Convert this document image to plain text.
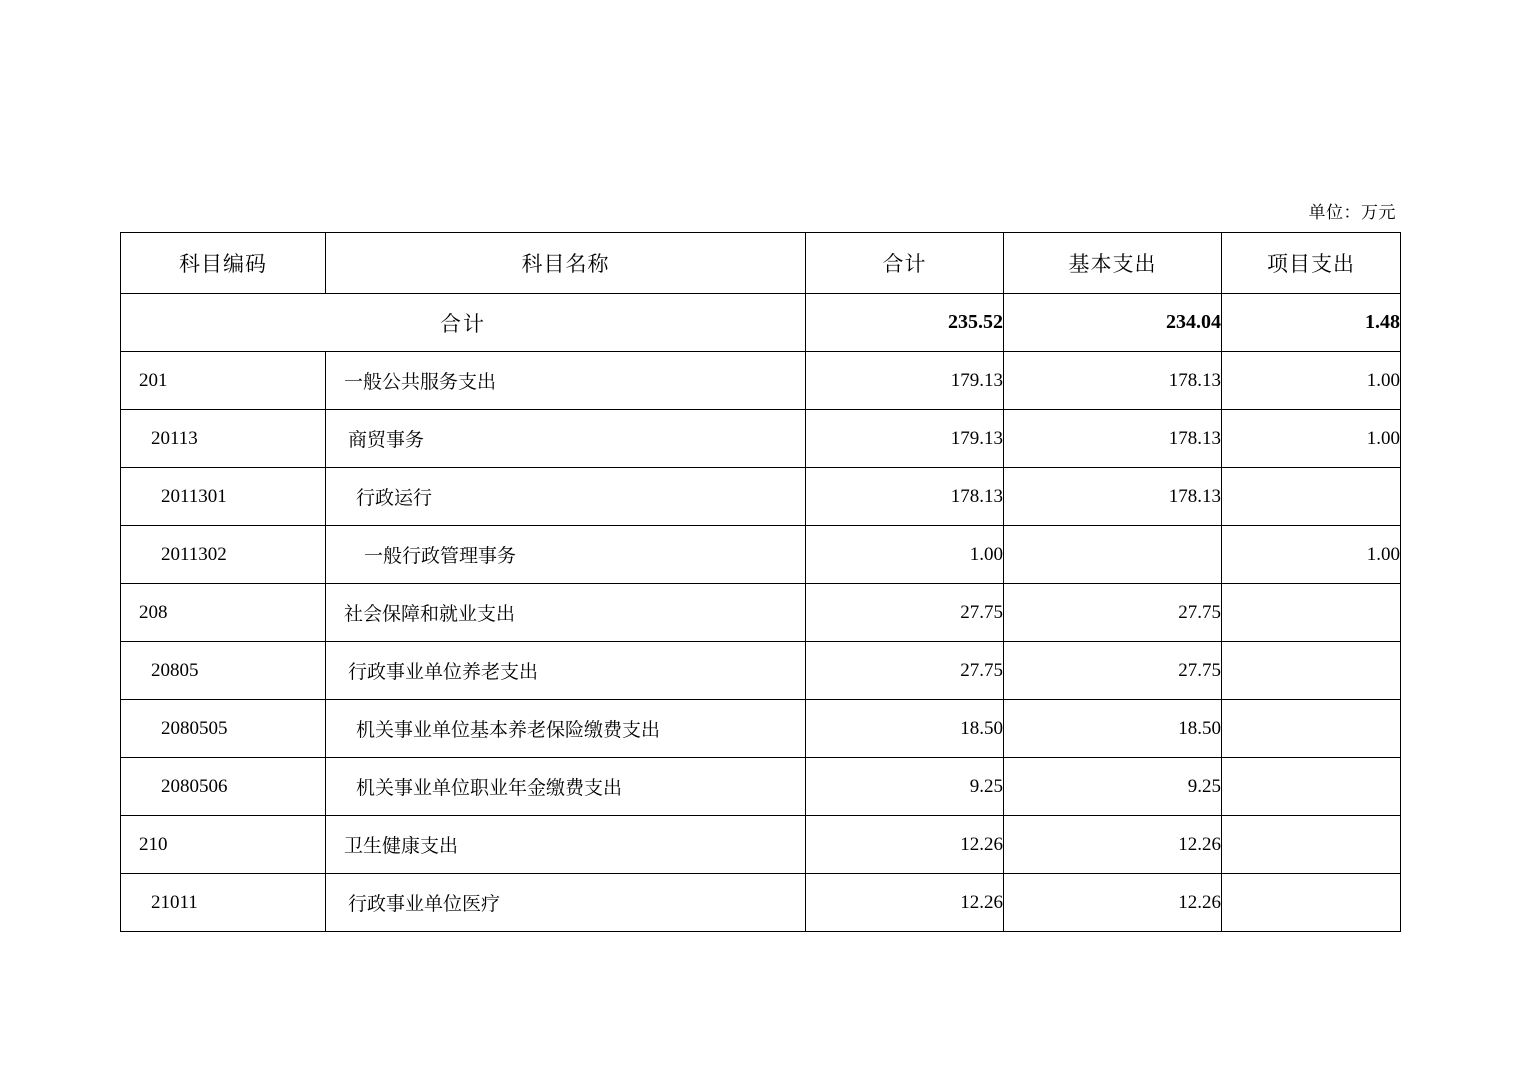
单位：万元
科目编码	科目名称	合计	基本支出	项目支出
合计		235.52	234.04	1.48
201	一般公共服务支出	179.13	178.13	1.00
20113	商贸事务	179.13	178.13	1.00
2011301	行政运行	178.13	178.13	
2011302	一般行政管理事务	1.00		1.00
208	社会保障和就业支出	27.75	27.75	
20805	行政事业单位养老支出	27.75	27.75	
2080505	机关事业单位基本养老保险缴费支出	18.50	18.50	
2080506	机关事业单位职业年金缴费支出	9.25	9.25	
210	卫生健康支出	12.26	12.26	
21011	行政事业单位医疗	12.26	12.26	
